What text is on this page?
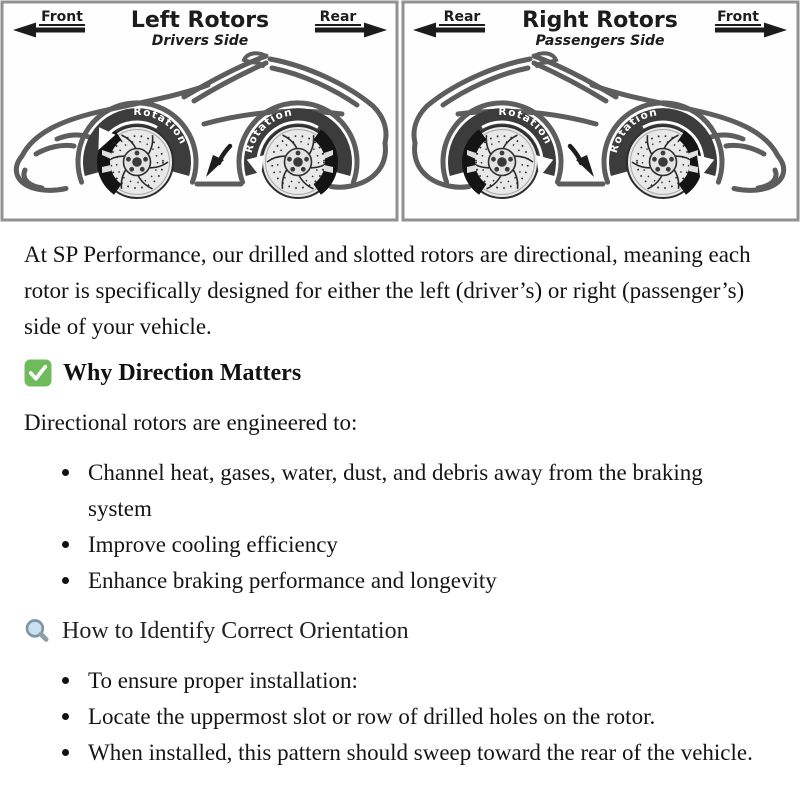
Front Left Rotors
Drivers Side
Rear
Rotation
Rotation
Rear Right Rotors
Passengers Side
Front
Rotation
Rotation

At SP Performance, our drilled and slotted rotors are directional, meaning each rotor is specifically designed for either the left (driver’s) or right (passenger’s) side of your vehicle.

Why Direction Matters

Directional rotors are engineered to:

Channel heat, gases, water, dust, and debris away from the braking system
Improve cooling efficiency
Enhance braking performance and longevity
How to Identify Correct Orientation
To ensure proper installation:
Locate the uppermost slot or row of drilled holes on the rotor.
When installed, this pattern should sweep toward the rear of the vehicle.
